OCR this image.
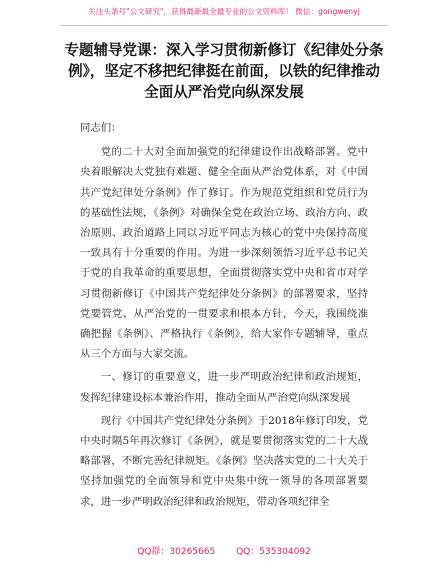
关注头条号"公文研究"，获得最新最全最专业的公文资料库！ 微信：gongwenyj
专题辅导党课：深入学习贯彻新修订《纪律处分条例》，坚定不移把纪律挺在前面，以铁的纪律推动全面从严治党向纵深发展

同志们：

党的二十大对全面加强党的纪律建设作出战略部署。党中央着眼解决大党独有难题、健全全面从严治党体系，对《中国共产党纪律处分条例》作了修订。作为规范党组织和党员行为的基础性法规，《条例》对确保全党在政治立场、政治方向、政治原则、政治道路上同以习近平同志为核心的党中央保持高度一致具有十分重要的作用。为进一步深刻领悟习近平总书记关于党的自我革命的重要思想，全面贯彻落实党中央和省市对学习贯彻新修订《中国共产党纪律处分条例》的部署要求，坚持党要管党、从严治党的一贯要求和根本方针，今天，我围绕准确把握《条例》、严格执行《条例》，给大家作专题辅导，重点从三个方面与大家交流。

一、修订的重要意义，进一步严明政治纪律和政治规矩，发挥纪律建设标本兼治作用，推动全面从严治党向纵深发展

现行《中国共产党纪律处分条例》于2018年修订印发，党中央时隔5年再次修订《条例》，就是要贯彻落实党的二十大战略部署，不断完善纪律规矩。《条例》坚决落实党的二十大关于坚持加强党的全面领导和党中央集中统一领导的各项部署要求，进一步严明政治纪律和政治规矩，带动各项纪律全

QQ群：30265665 QQ：535304092
